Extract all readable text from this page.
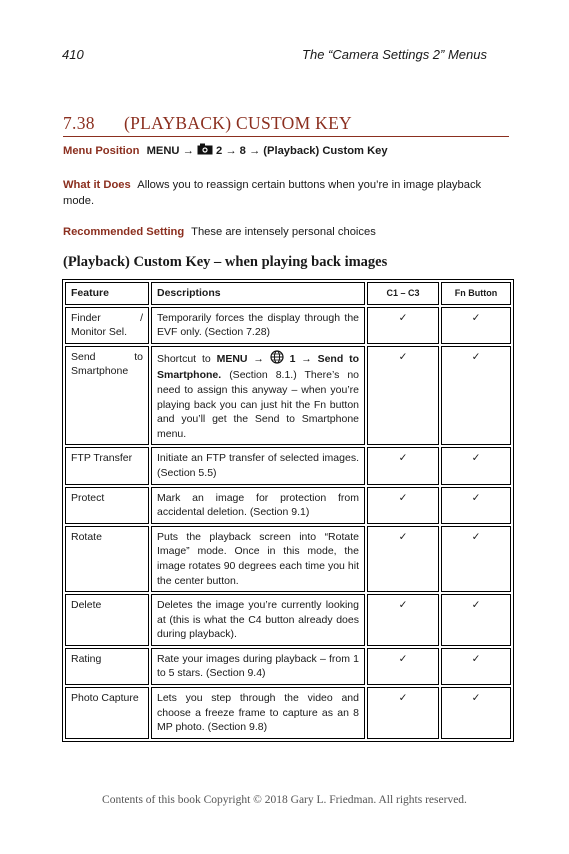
410	The “Camera Settings 2” Menus
7.38 (PLAYBACK) CUSTOM KEY
Menu Position MENU → 2 → 8 → (Playback) Custom Key
What it Does Allows you to reassign certain buttons when you’re in image playback mode.
Recommended Setting These are intensely personal choices
(Playback) Custom Key – when playing back images
Feature	Descriptions	C1 – C3	Fn Button
Finder / Monitor Sel.	Temporarily forces the display through the EVF only. (Section 7.28)	✓	✓
Send to Smartphone	Shortcut to MENU → 1 → Send to Smartphone. (Section 8.1.) There’s no need to assign this anyway – when you’re playing back you can just hit the Fn button and you’ll get the Send to Smartphone menu.	✓	✓
FTP Transfer	Initiate an FTP transfer of selected images. (Section 5.5)	✓	✓
Protect	Mark an image for protection from accidental deletion. (Section 9.1)	✓	✓
Rotate	Puts the playback screen into “Rotate Image” mode. Once in this mode, the image rotates 90 degrees each time you hit the center button.	✓	✓
Delete	Deletes the image you’re currently looking at (this is what the C4 button already does during playback).	✓	✓
Rating	Rate your images during playback – from 1 to 5 stars. (Section 9.4)	✓	✓
Photo Capture	Lets you step through the video and choose a freeze frame to capture as an 8 MP photo. (Section 9.8)	✓	✓
Contents of this book Copyright © 2018 Gary L. Friedman. All rights reserved.
